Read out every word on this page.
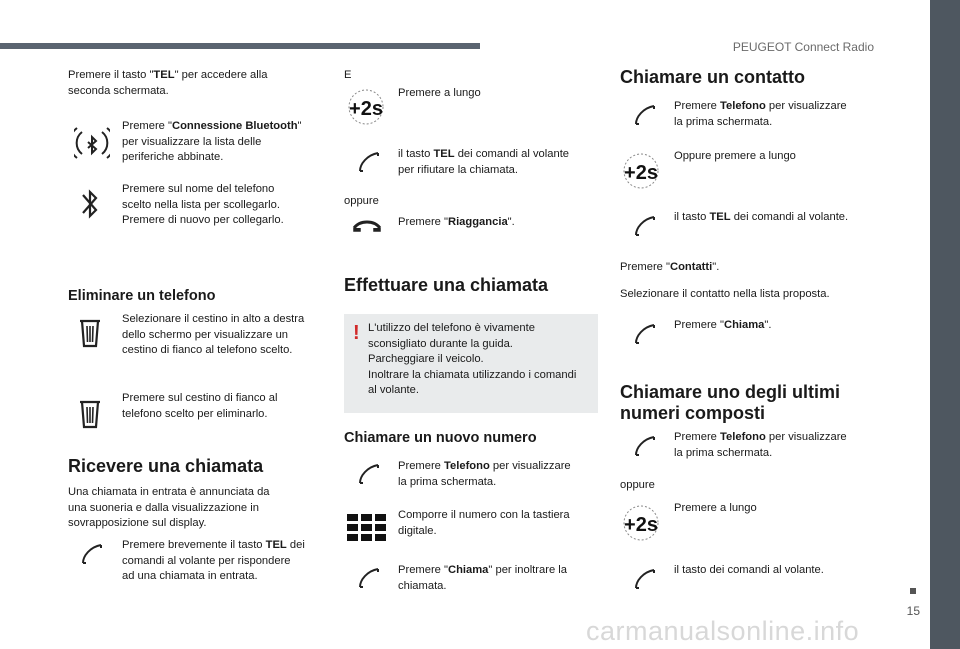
PEUGEOT Connect Radio
15
Premere il tasto "TEL" per accedere alla
seconda schermata.
Premere "Connessione Bluetooth"
per visualizzare la lista delle
periferiche abbinate.
Premere sul nome del telefono
scelto nella lista per scollegarlo.
Premere di nuovo per collegarlo.
Eliminare un telefono
Selezionare il cestino in alto a destra
dello schermo per visualizzare un
cestino di fianco al telefono scelto.
Premere sul cestino di fianco al
telefono scelto per eliminarlo.
Ricevere una chiamata
Una chiamata in entrata è annunciata da
una suoneria e dalla visualizzazione in
sovrapposizione sul display.
Premere brevemente il tasto TEL dei
comandi al volante per rispondere
ad una chiamata in entrata.
E
+2s
Premere a lungo
il tasto TEL dei comandi al volante
per rifiutare la chiamata.
oppure
Premere "Riaggancia".
Effettuare una chiamata
! L'utilizzo del telefono è vivamente
sconsigliato durante la guida.
Parcheggiare il veicolo.
Inoltrare la chiamata utilizzando i comandi
al volante.
Chiamare un nuovo numero
Premere Telefono per visualizzare
la prima schermata.
Comporre il numero con la tastiera
digitale.
Premere "Chiama" per inoltrare la
chiamata.
Chiamare un contatto
Premere Telefono per visualizzare
la prima schermata.
+2s
Oppure premere a lungo
il tasto TEL dei comandi al volante.
Premere "Contatti".
Selezionare il contatto nella lista proposta.
Premere "Chiama".
Chiamare uno degli ultimi
numeri composti
Premere Telefono per visualizzare
la prima schermata.
oppure
+2s
Premere a lungo
il tasto dei comandi al volante.
carmanualsonline.info
